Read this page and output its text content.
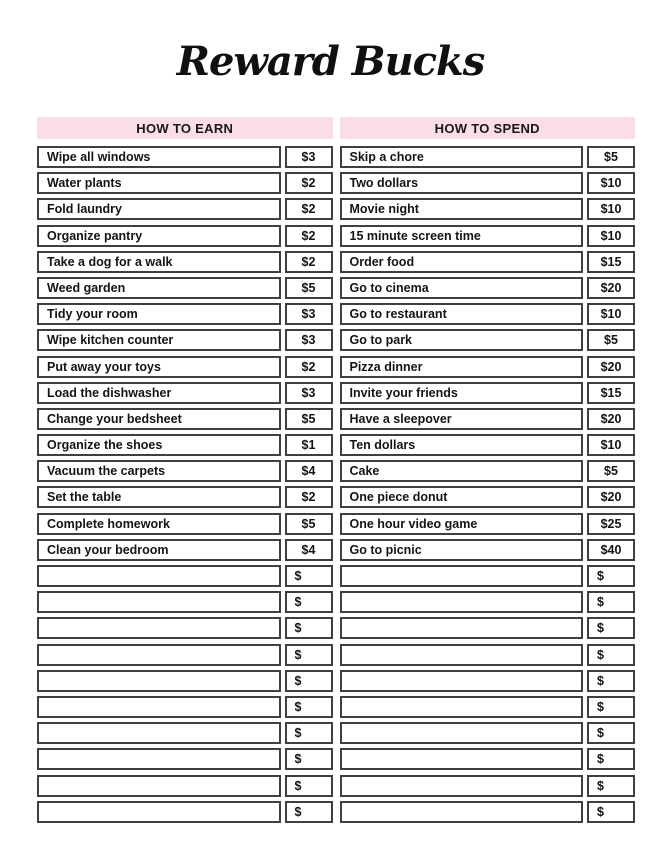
Reward Bucks
HOW TO EARN
Wipe all windows	$3
Water plants	$2
Fold laundry	$2
Organize pantry	$2
Take a dog for a walk	$2
Weed garden	$5
Tidy your room	$3
Wipe kitchen counter	$3
Put away your toys	$2
Load the dishwasher	$3
Change your bedsheet	$5
Organize the shoes	$1
Vacuum the carpets	$4
Set the table	$2
Complete homework	$5
Clean your bedroom	$4
$
$
$
$
$
$
$
$
$
$
HOW TO SPEND
Skip a chore	$5
Two dollars	$10
Movie night	$10
15 minute screen time	$10
Order food	$15
Go to cinema	$20
Go to restaurant	$10
Go to park	$5
Pizza dinner	$20
Invite your friends	$15
Have a sleepover	$20
Ten dollars	$10
Cake	$5
One piece donut	$20
One hour video game	$25
Go to picnic	$40
$
$
$
$
$
$
$
$
$
$
